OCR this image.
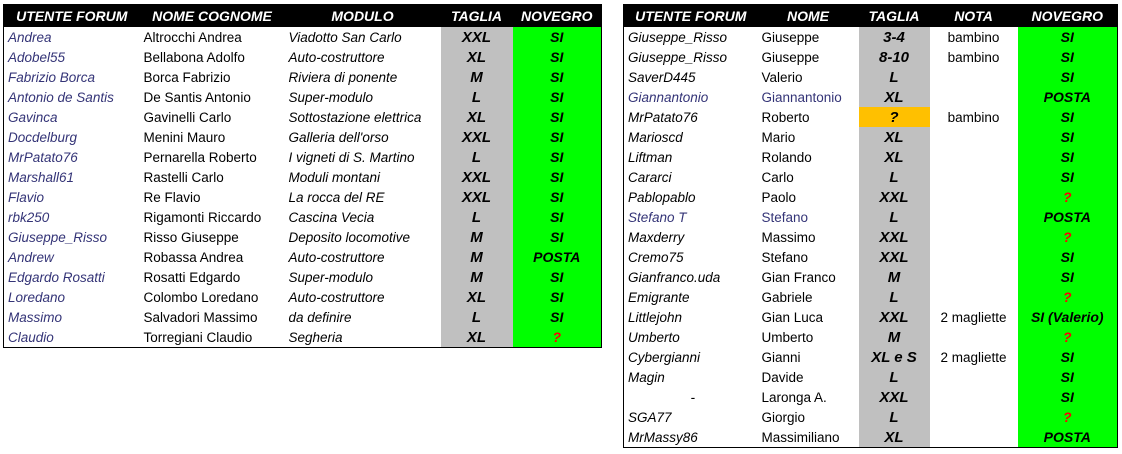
UTENTE FORUM	NOME COGNOME	MODULO	TAGLIA	NOVEGRO
Andrea	Altrocchi Andrea	Viadotto San Carlo	XXL	SI
Adobel55	Bellabona Adolfo	Auto-costruttore	XL	SI
Fabrizio Borca	Borca Fabrizio	Riviera di ponente	M	SI
Antonio de Santis	De Santis Antonio	Super-modulo	L	SI
Gavinca	Gavinelli Carlo	Sottostazione elettrica	XL	SI
Docdelburg	Menini Mauro	Galleria dell'orso	XXL	SI
MrPatato76	Pernarella Roberto	I vigneti di S. Martino	L	SI
Marshall61	Rastelli Carlo	Moduli montani	XXL	SI
Flavio	Re Flavio	La rocca del RE	XXL	SI
rbk250	Rigamonti Riccardo	Cascina Vecia	L	SI
Giuseppe_Risso	Risso Giuseppe	Deposito locomotive	M	SI
Andrew	Robassa Andrea	Auto-costruttore	M	POSTA
Edgardo Rosatti	Rosatti Edgardo	Super-modulo	M	SI
Loredano	Colombo Loredano	Auto-costruttore	XL	SI
Massimo	Salvadori Massimo	da definire	L	SI
Claudio	Torregiani Claudio	Segheria	XL	?
UTENTE FORUM	NOME	TAGLIA	NOTA	NOVEGRO
Giuseppe_Risso	Giuseppe	3-4	bambino	SI
Giuseppe_Risso	Giuseppe	8-10	bambino	SI
SaverD445	Valerio	L		SI
Giannantonio	Giannantonio	XL		POSTA
MrPatato76	Roberto	?	bambino	SI
Marioscd	Mario	XL		SI
Liftman	Rolando	XL		SI
Cararci	Carlo	L		SI
Pablopablo	Paolo	XXL		?
Stefano T	Stefano	L		POSTA
Maxderry	Massimo	XXL		?
Cremo75	Stefano	XXL		SI
Gianfranco.uda	Gian Franco	M		SI
Emigrante	Gabriele	L		?
Littlejohn	Gian Luca	XXL	2 magliette	SI (Valerio)
Umberto	Umberto	M		?
Cybergianni	Gianni	XL e S	2 magliette	SI
Magin	Davide	L		SI
-	Laronga A.	XXL		SI
SGA77	Giorgio	L		?
MrMassy86	Massimiliano	XL		POSTA
